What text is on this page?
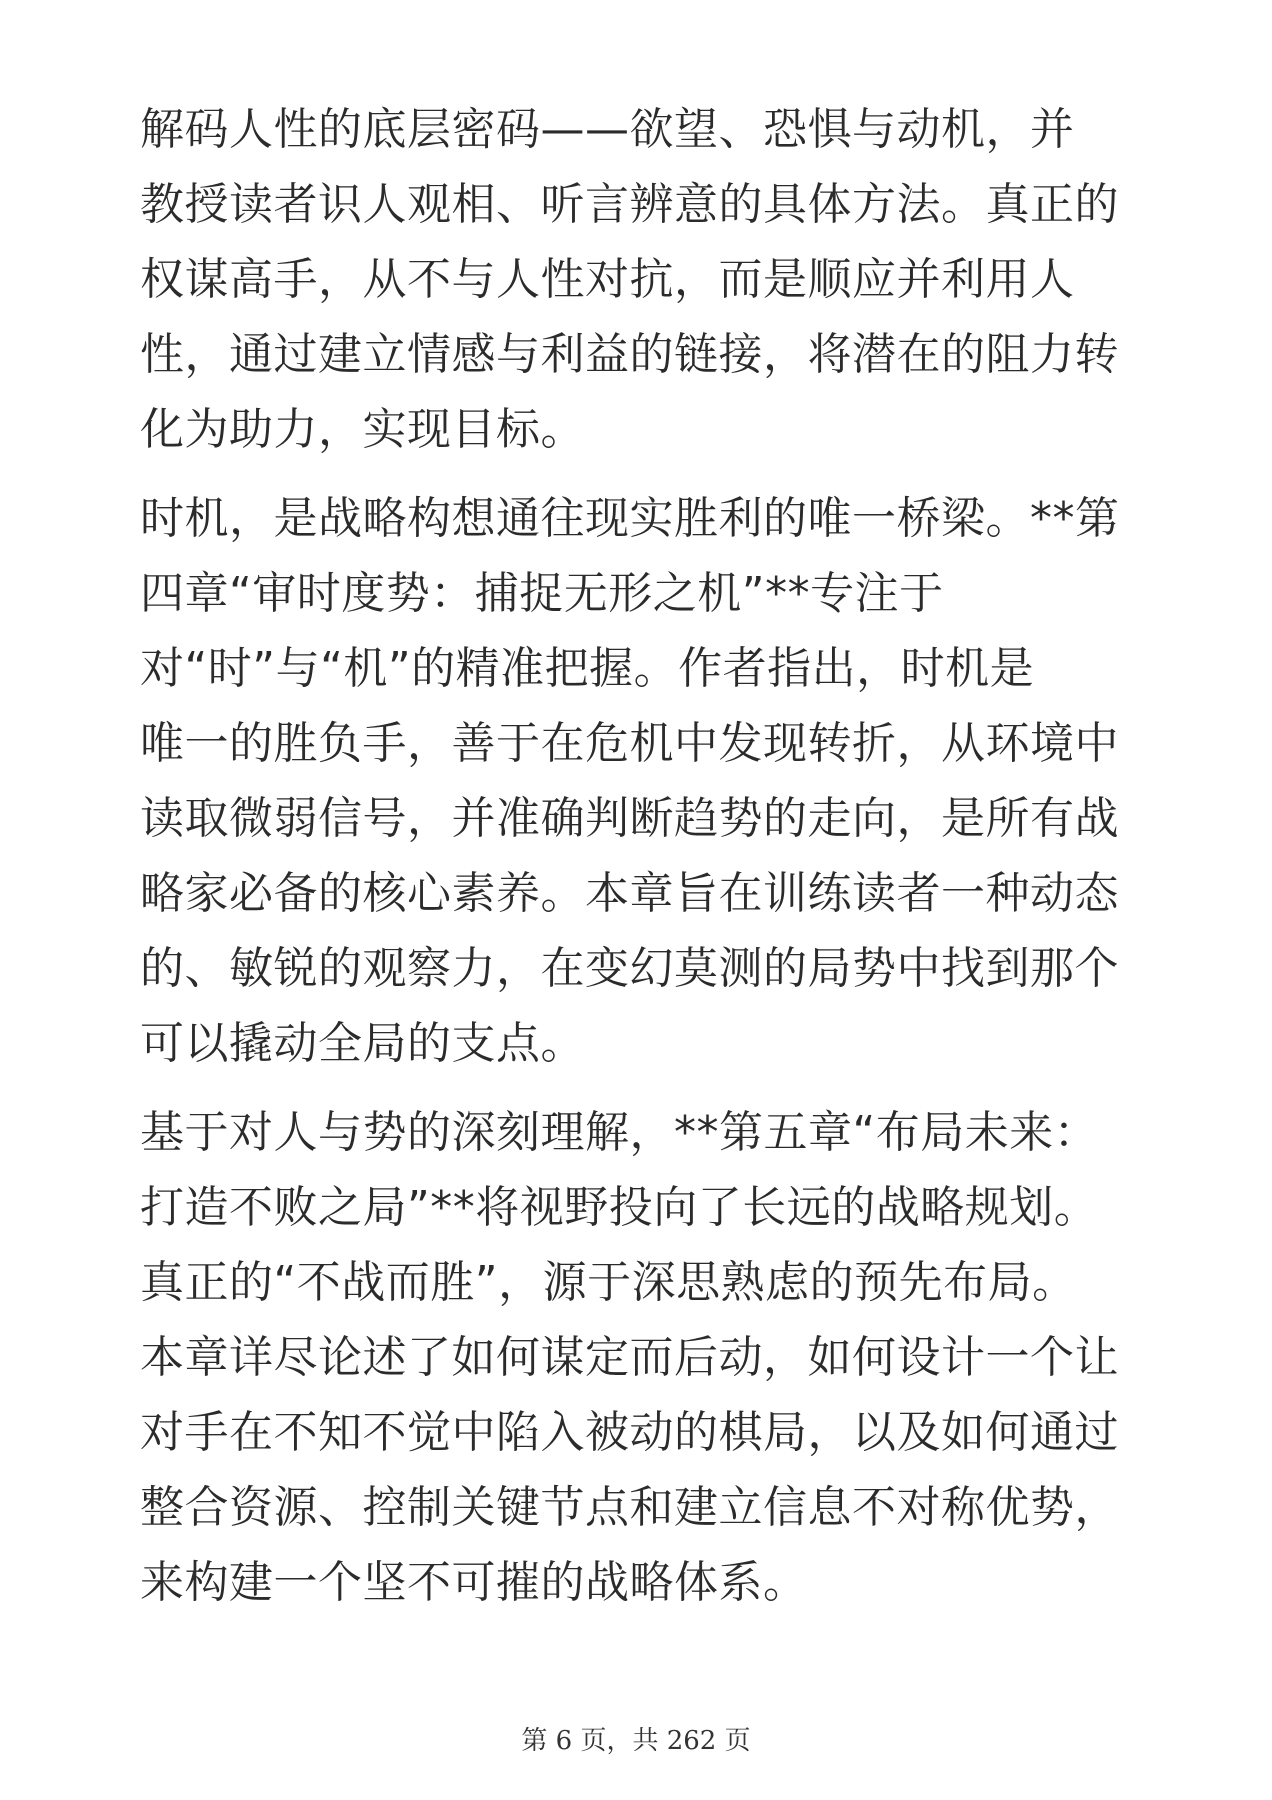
解码人性的底层密码——欲望、恐惧与动机，并
教授读者识人观相、听言辨意的具体方法。真正的
权谋高手，从不与人性对抗，而是顺应并利用人
性，通过建立情感与利益的链接，将潜在的阻力转
化为助力，实现目标。
时机，是战略构想通往现实胜利的唯一桥梁。**第
四章“审时度势：捕捉无形之机”**专注于
对“时”与“机”的精准把握。作者指出，时机是
唯一的胜负手，善于在危机中发现转折，从环境中
读取微弱信号，并准确判断趋势的走向，是所有战
略家必备的核心素养。本章旨在训练读者一种动态
的、敏锐的观察力，在变幻莫测的局势中找到那个
可以撬动全局的支点。
基于对人与势的深刻理解，**第五章“布局未来：
打造不败之局”**将视野投向了长远的战略规划。
真正的“不战而胜”，源于深思熟虑的预先布局。
本章详尽论述了如何谋定而后动，如何设计一个让
对手在不知不觉中陷入被动的棋局，以及如何通过
整合资源、控制关键节点和建立信息不对称优势，
来构建一个坚不可摧的战略体系。
第 6 页，共 262 页
